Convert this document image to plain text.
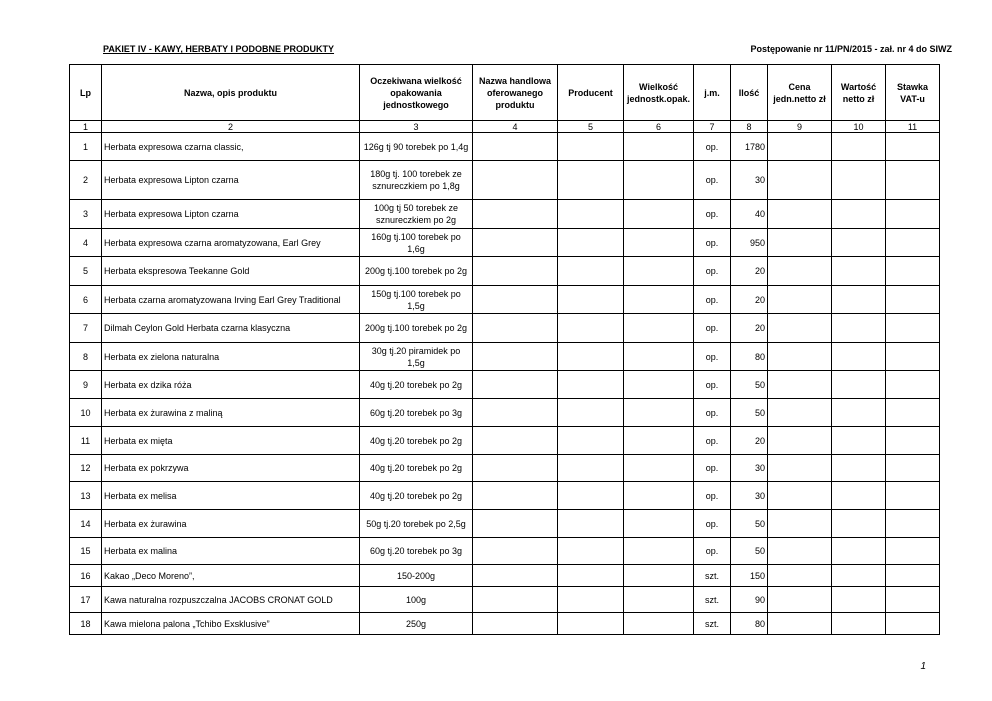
PAKIET IV - KAWY, HERBATY I PODOBNE PRODUKTY	Postępowanie nr 11/PN/2015 - zał. nr 4 do SIWZ
Lp	Nazwa, opis produktu	Oczekiwana wielkość opakowania jednostkowego	Nazwa handlowa oferowanego produktu	Producent	Wielkość jednostk.opak.	j.m.	Ilość	Cena jedn.netto zł	Wartość netto zł	Stawka VAT-u
1	2	3	4	5	6	7	8	9	10	11
1	Herbata expresowa czarna classic,	126g tj 90 torebek po 1,4g				op.	1780			
2	Herbata expresowa Lipton czarna	180g tj. 100 torebek ze sznureczkiem po 1,8g				op.	30			
3	Herbata expresowa Lipton czarna	100g tj 50 torebek ze sznureczkiem po 2g				op.	40			
4	Herbata expresowa czarna aromatyzowana, Earl Grey	160g tj.100 torebek po 1,6g				op.	950			
5	Herbata ekspresowa Teekanne Gold	200g tj.100 torebek po 2g				op.	20			
6	Herbata czarna aromatyzowana Irving Earl Grey Traditional	150g tj.100 torebek po 1,5g				op.	20			
7	Dilmah Ceylon Gold Herbata czarna klasyczna	200g tj.100 torebek po 2g				op.	20			
8	Herbata ex zielona naturalna	30g tj.20 piramidek po 1,5g				op.	80			
9	Herbata ex dzika róża	40g tj.20 torebek po 2g				op.	50			
10	Herbata ex żurawina z maliną	60g tj.20 torebek po 3g				op.	50			
11	Herbata ex mięta	40g tj.20 torebek po 2g				op.	20			
12	Herbata ex pokrzywa	40g tj.20 torebek po 2g				op.	30			
13	Herbata ex melisa	40g tj.20 torebek po 2g				op.	30			
14	Herbata ex żurawina	50g tj.20 torebek po 2,5g				op.	50			
15	Herbata ex malina	60g tj.20 torebek po 3g				op.	50			
16	Kakao „Deco Moreno”,	150-200g				szt.	150			
17	Kawa naturalna rozpuszczalna JACOBS CRONAT GOLD	100g				szt.	90			
18	Kawa mielona palona „Tchibo Exsklusive”	250g				szt.	80			
1
